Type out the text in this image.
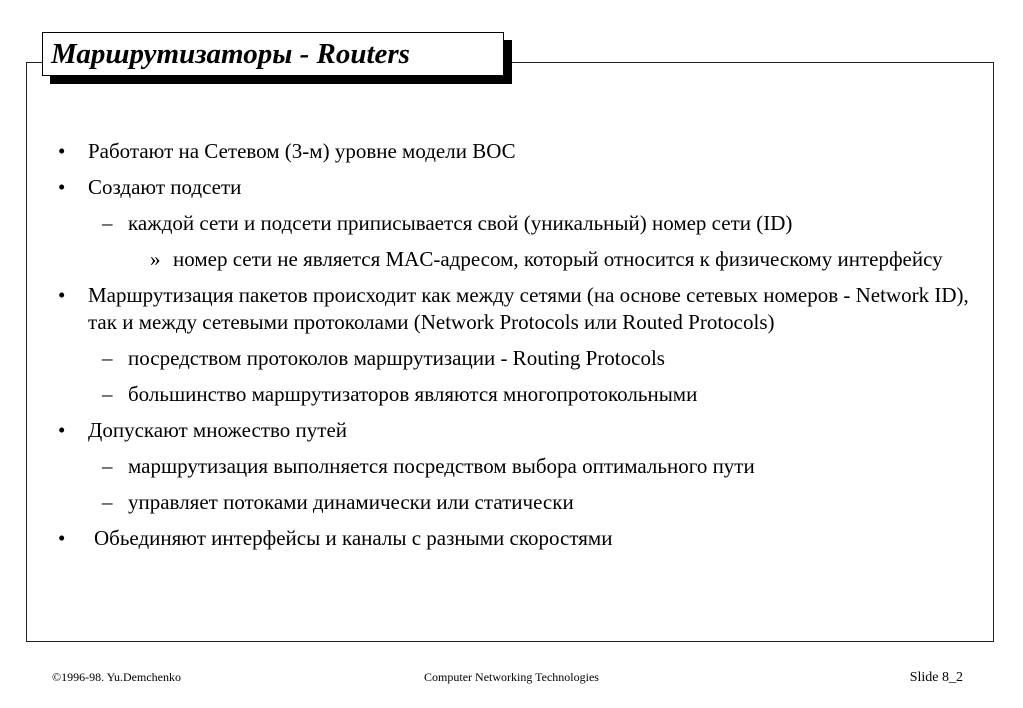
Маршрутизаторы - Routers
•	Работают на Сетевом (3-м) уровне модели ВОС
•	Создают подсети
– каждой сети и подсети приписывается свой (уникальный) номер сети (ID)
» номер сети не является MAC-адресом, который относится к физическому интерфейсу
•	Маршрутизация пакетов происходит как между сетями (на основе сетевых номеров - Network ID), так и между сетевыми протоколами (Network Protocols или Routed Protocols)
– посредством протоколов маршрутизации - Routing Protocols
– большинство маршрутизаторов являются многопротокольными
•	Допускают множество путей
– маршрутизация выполняется посредством выбора оптимального пути
– управляет потоками динамически или статически
•	Обьединяют интерфейсы и каналы с разными скоростями
©1996-98. Yu.Demchenko	Computer Networking Technologies	Slide 8_2
